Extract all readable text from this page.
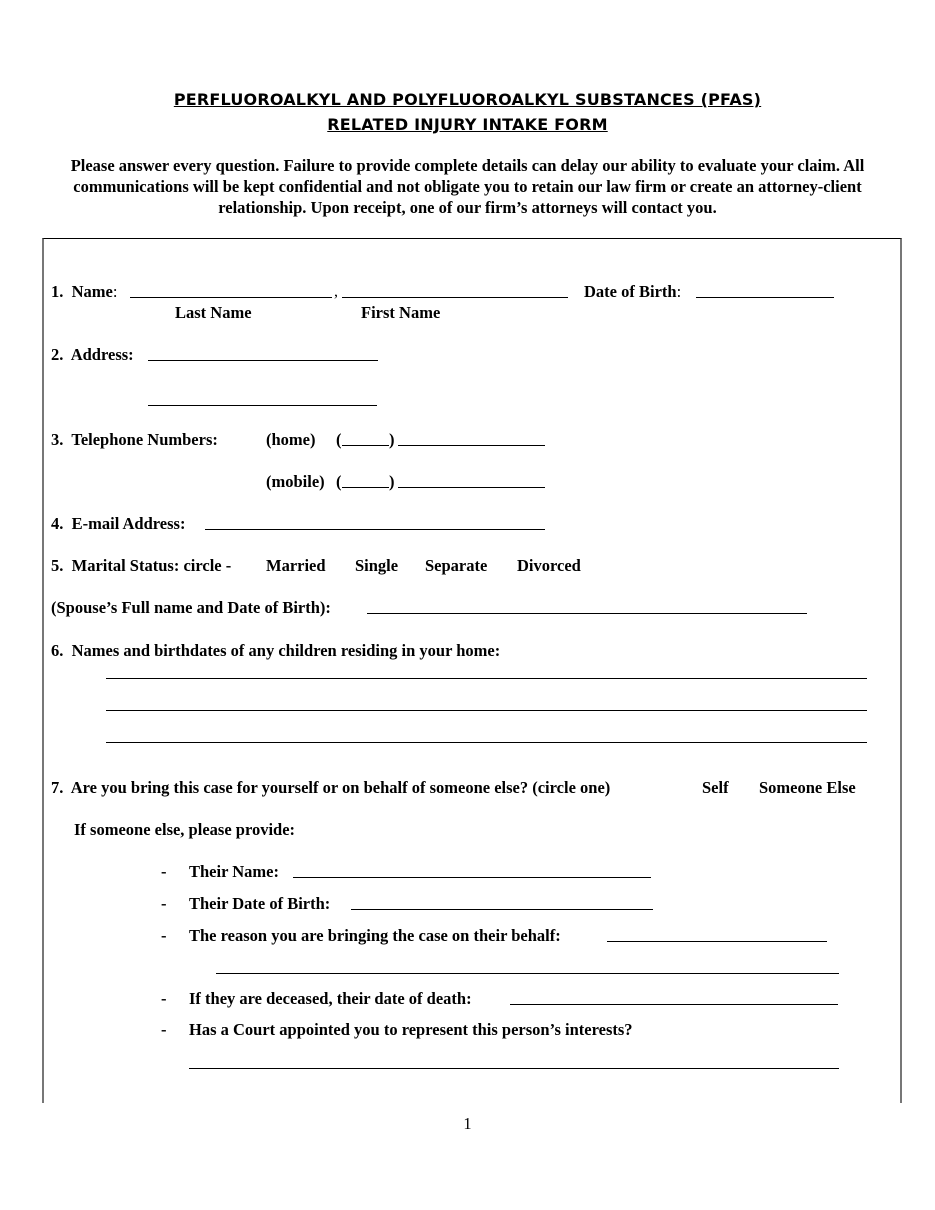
PERFLUOROALKYL AND POLYFLUOROALKYL SUBSTANCES (PFAS)
RELATED INJURY INTAKE FORM
Please answer every question. Failure to provide complete details can delay our ability to evaluate your claim. All communications will be kept confidential and not obligate you to retain our law firm or create an attorney-client relationship. Upon receipt, one of our firm’s attorneys will contact you.
1. Name:	,	Date of Birth:
Last Name	First Name
2. Address:
3. Telephone Numbers:	(home) (	)
(mobile) (	)
4. E-mail Address:
5. Marital Status: circle - Married Single Separate Divorced
(Spouse’s Full name and Date of Birth):
6. Names and birthdates of any children residing in your home:
7. Are you bring this case for yourself or on behalf of someone else? (circle one)	Self Someone Else
If someone else, please provide:
- Their Name:
- Their Date of Birth:
- The reason you are bringing the case on their behalf:
- If they are deceased, their date of death:
- Has a Court appointed you to represent this person’s interests?
1
